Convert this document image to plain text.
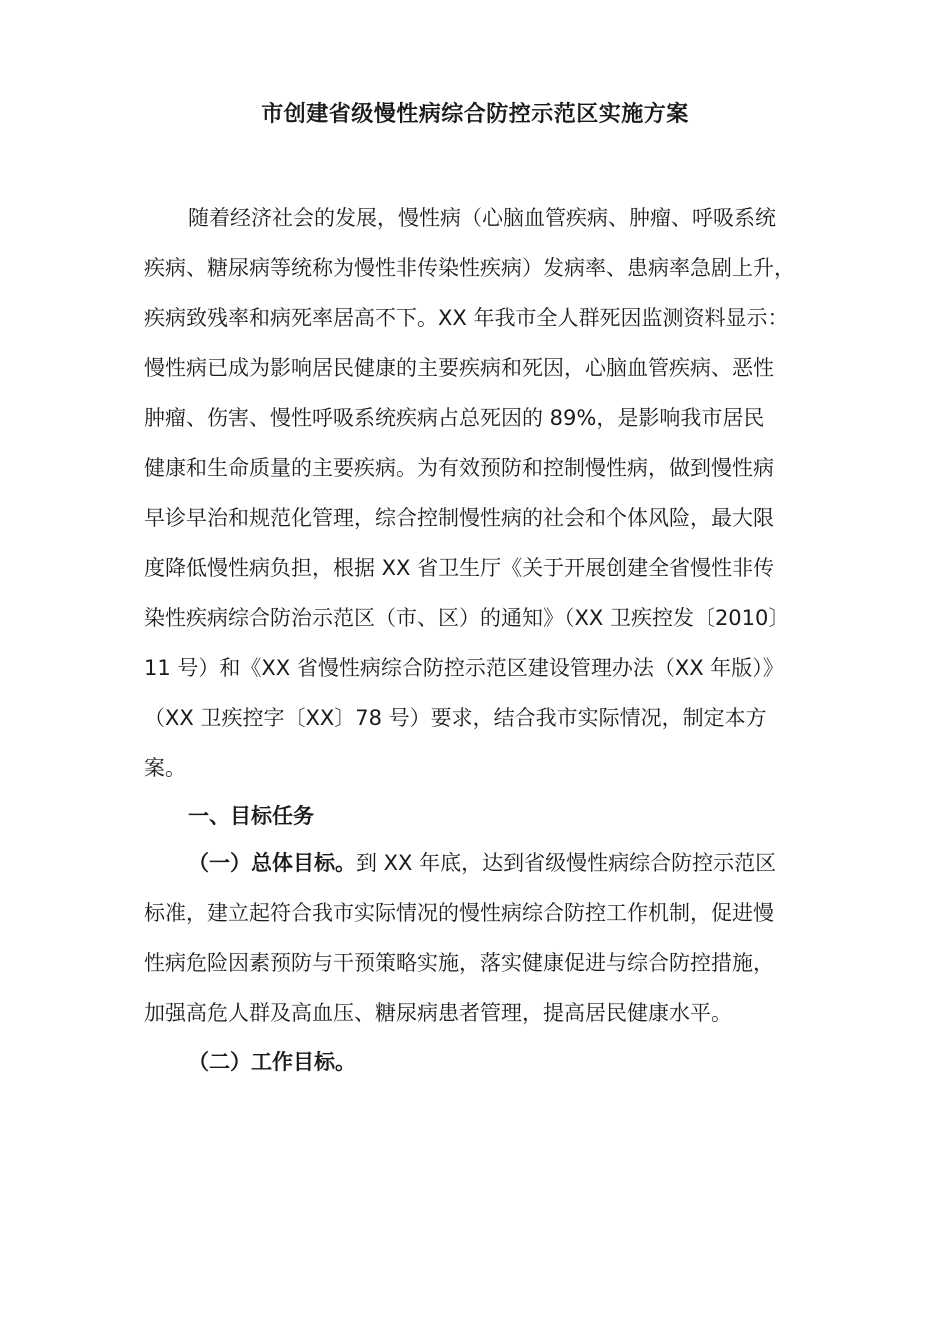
市创建省级慢性病综合防控示范区实施方案
随着经济社会的发展，慢性病（心脑血管疾病、肿瘤、呼吸系统
疾病、糖尿病等统称为慢性非传染性疾病）发病率、患病率急剧上升，
疾病致残率和病死率居高不下。XX 年我市全人群死因监测资料显示：
慢性病已成为影响居民健康的主要疾病和死因，心脑血管疾病、恶性
肿瘤、伤害、慢性呼吸系统疾病占总死因的 89%，是影响我市居民
健康和生命质量的主要疾病。为有效预防和控制慢性病，做到慢性病
早诊早治和规范化管理，综合控制慢性病的社会和个体风险，最大限
度降低慢性病负担，根据 XX 省卫生厅《关于开展创建全省慢性非传
染性疾病综合防治示范区（市、区）的通知》（XX 卫疾控发〔2010〕
11 号）和《XX 省慢性病综合防控示范区建设管理办法（XX 年版）》
（XX 卫疾控字〔XX〕78 号）要求，结合我市实际情况，制定本方
案。
一、目标任务
（一）总体目标。到 XX 年底，达到省级慢性病综合防控示范区
标准，建立起符合我市实际情况的慢性病综合防控工作机制，促进慢
性病危险因素预防与干预策略实施，落实健康促进与综合防控措施，
加强高危人群及高血压、糖尿病患者管理，提高居民健康水平。
（二）工作目标。
